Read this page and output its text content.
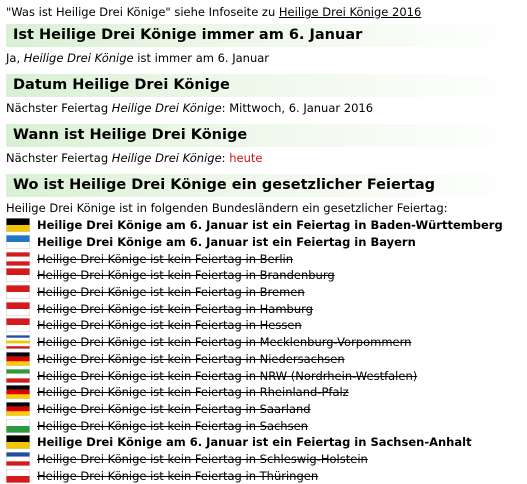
"Was ist Heilige Drei Könige" siehe Infoseite zu Heilige Drei Könige 2016
Ist Heilige Drei Könige immer am 6. Januar
Ja, Heilige Drei Könige ist immer am 6. Januar
Datum Heilige Drei Könige
Nächster Feiertag Heilige Drei Könige: Mittwoch, 6. Januar 2016
Wann ist Heilige Drei Könige
Nächster Feiertag Heilige Drei Könige: heute
Wo ist Heilige Drei Könige ein gesetzlicher Feiertag
Heilige Drei Könige ist in folgenden Bundesländern ein gesetzlicher Feiertag:
Heilige Drei Könige am 6. Januar ist ein Feiertag in Baden-Württemberg
Heilige Drei Könige am 6. Januar ist ein Feiertag in Bayern
Heilige Drei Könige ist kein Feiertag in Berlin
Heilige Drei Könige ist kein Feiertag in Brandenburg
Heilige Drei Könige ist kein Feiertag in Bremen
Heilige Drei Könige ist kein Feiertag in Hamburg
Heilige Drei Könige ist kein Feiertag in Hessen
Heilige Drei Könige ist kein Feiertag in Mecklenburg-Vorpommern
Heilige Drei Könige ist kein Feiertag in Niedersachsen
Heilige Drei Könige ist kein Feiertag in NRW (Nordrhein-Westfalen)
Heilige Drei Könige ist kein Feiertag in Rheinland-Pfalz
Heilige Drei Könige ist kein Feiertag in Saarland
Heilige Drei Könige ist kein Feiertag in Sachsen
Heilige Drei Könige am 6. Januar ist ein Feiertag in Sachsen-Anhalt
Heilige Drei Könige ist kein Feiertag in Schleswig-Holstein
Heilige Drei Könige ist kein Feiertag in Thüringen
